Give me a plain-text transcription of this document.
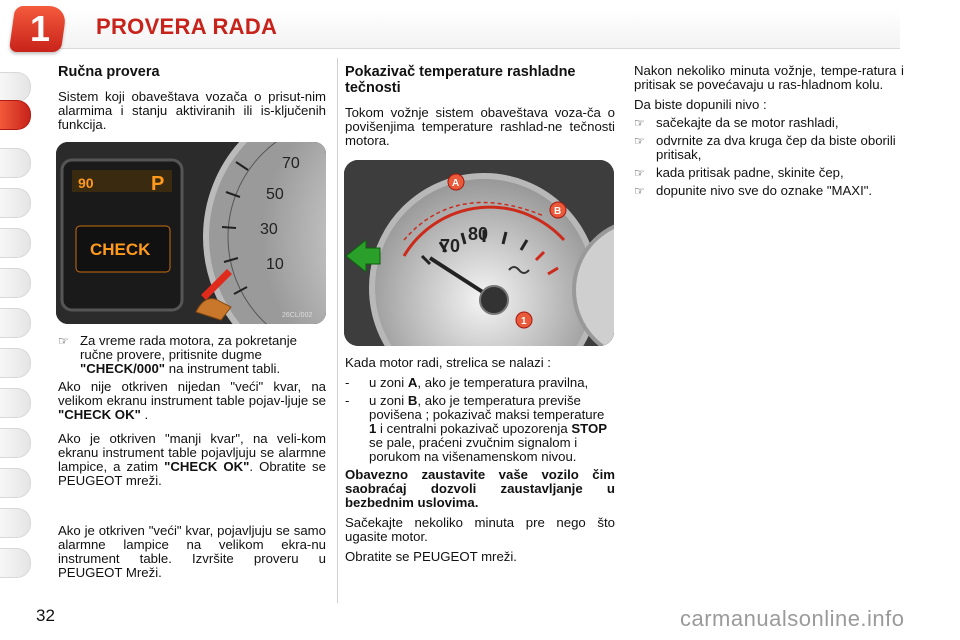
1	PROVERA RADA
Ručna provera

Sistem koji obaveštava vozača o prisut-nim alarmima i stanju aktiviranih ili is-ključenih funkcija.

90	P
CHECK
70
50
30
10
26CL/002
☞ Za vreme rada motora, za pokretanje ručne provere, pritisnite dugme "CHECK/000" na instrument tabli.

Ako nije otkriven nijedan "veći" kvar, na velikom ekranu instrument table pojav-ljuje se "CHECK OK" .

Ako je otkriven "manji kvar", na veli-kom ekranu instrument table pojavljuju se alarmne lampice, a zatim "CHECK OK". Obratite se PEUGEOT mreži.

Ako je otkriven "veći" kvar, pojavljuju se samo alarmne lampice na velikom ekra-nu instrument table. Izvršite proveru u PEUGEOT Mreži.

Pokazivač temperature rashladne tečnosti

Tokom vožnje sistem obaveštava voza-ča o povišenjima temperature rashlad-ne tečnosti motora.

70
80
A
B
1

Kada motor radi, strelica se nalazi :

- u zoni A, ako je temperatura pravilna,
- u zoni B, ako je temperatura previše povišena ; pokazivač maksi temperature 1 i centralni pokazivač upozorenja STOP se pale, praćeni zvučnim signalom i porukom na višenamenskom nivou.

Obavezno zaustavite vaše vozilo čim saobraćaj dozvoli zaustavljanje u bezbednim uslovima.

Sačekajte nekoliko minuta pre nego što ugasite motor.

Obratite se PEUGEOT mreži.

Nakon nekoliko minuta vožnje, tempe-ratura i pritisak se povećavaju u ras-hladnom kolu.

Da biste dopunili nivo :

☞ sačekajte da se motor rashladi,
☞ odvrnite za dva kruga čep da biste oborili pritisak,
☞ kada pritisak padne, skinite čep,
☞ dopunite nivo sve do oznake "MAXI".
32	carmanualsonline.info
